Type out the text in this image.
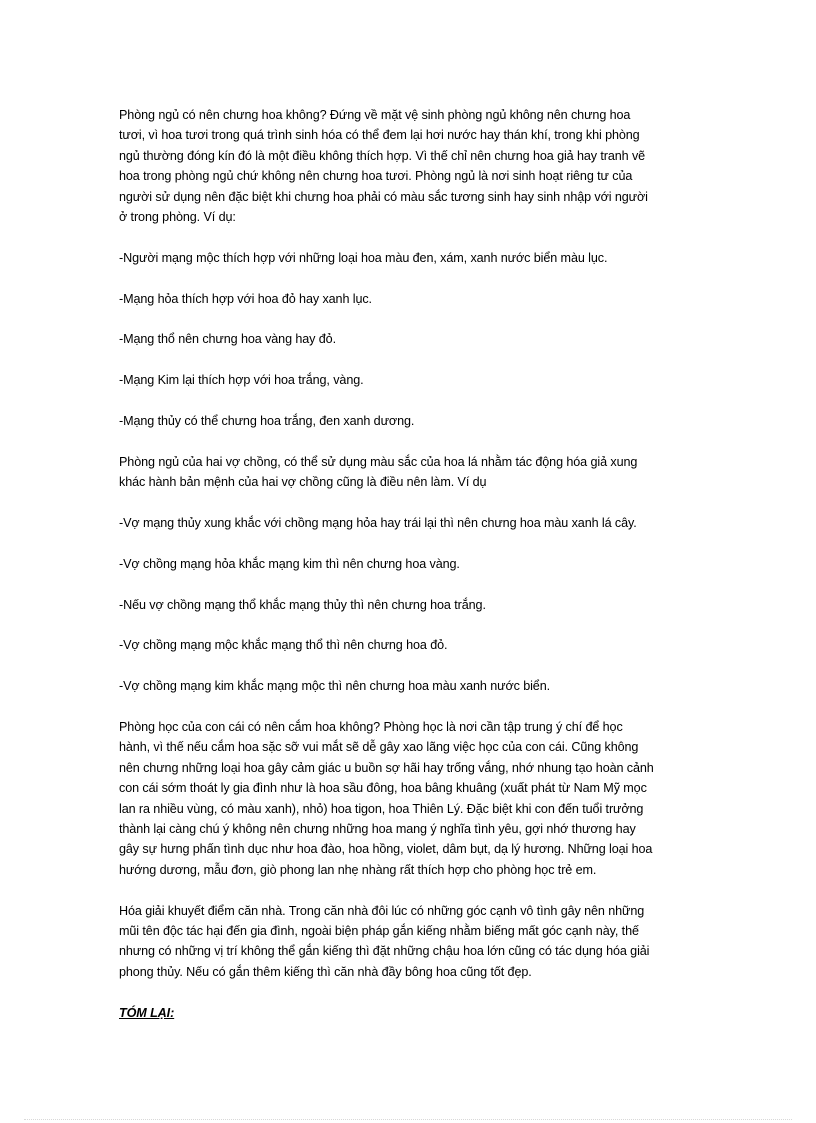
Phòng ngủ có nên chưng hoa không? Đứng về mặt vệ sinh phòng ngủ không nên chưng hoa
tươi, vì hoa tươi trong quá trình sinh hóa có thể đem lại hơi nước hay thán khí, trong khi phòng
ngủ thường đóng kín đó là một điều không thích hợp. Vì thế chỉ nên chưng hoa giả hay tranh vẽ
hoa trong phòng ngủ chứ không nên chưng hoa tươi. Phòng ngủ là nơi sinh hoạt riêng tư của
người sử dụng nên đặc biệt khi chưng hoa phải có màu sắc tương sinh hay sinh nhập với người
ở trong phòng. Ví dụ:

-Người mạng mộc thích hợp với những loại hoa màu đen, xám, xanh nước biển màu lục.

-Mạng hỏa thích hợp với hoa đỏ hay xanh lục.

-Mạng thổ nên chưng hoa vàng hay đỏ.

-Mạng Kim lại thích hợp với hoa trắng, vàng.

-Mạng thủy có thể chưng hoa trắng, đen xanh dương.

Phòng ngủ của hai vợ chồng, có thể sử dụng màu sắc của hoa lá nhằm tác động hóa giả xung
khác hành bản mệnh của hai vợ chồng cũng là điều nên làm. Ví dụ

-Vợ mạng thủy xung khắc với chồng mạng hỏa hay trái lại thì nên chưng hoa màu xanh lá cây.

-Vợ chồng mạng hỏa khắc mạng kim thì nên chưng hoa vàng.

-Nếu vợ chồng mạng thổ khắc mạng thủy thì nên chưng hoa trắng.

-Vợ chồng mạng mộc khắc mạng thổ thì nên chưng hoa đỏ.

-Vợ chồng mạng kim khắc mạng mộc thì nên chưng hoa màu xanh nước biển.

Phòng học của con cái có nên cắm hoa không? Phòng học là nơi cần tập trung ý chí để học
hành, vì thế nếu cắm hoa sặc sỡ vui mắt sẽ dễ gây xao lãng việc học của con cái. Cũng không
nên chưng những loại hoa gây cảm giác u buồn sợ hãi hay trống vắng, nhớ nhung tạo hoàn cảnh
con cái sớm thoát ly gia đình như là hoa sầu đông, hoa bâng khuâng (xuất phát từ Nam Mỹ mọc
lan ra nhiều vùng, có màu xanh), nhỏ) hoa tigon, hoa Thiên Lý. Đặc biệt khi con đến tuổi trưởng
thành lại càng chú ý không nên chưng những hoa mang ý nghĩa tình yêu, gợi nhớ thương hay
gây sự hưng phấn tình dục như hoa đào, hoa hồng, violet, dâm bụt, dạ lý hương. Những loại hoa
hướng dương, mẫu đơn, giò phong lan nhẹ nhàng rất thích hợp cho phòng học trẻ em.

Hóa giải khuyết điểm căn nhà. Trong căn nhà đôi lúc có những góc cạnh vô tình gây nên những
mũi tên độc tác hại đến gia đình, ngoài biện pháp gắn kiếng nhằm biếng mất góc cạnh này, thế
nhưng có những vị trí không thể gắn kiếng thì đặt những chậu hoa lớn cũng có tác dụng hóa giải
phong thủy. Nếu có gắn thêm kiếng thì căn nhà đầy bông hoa cũng tốt đẹp.

TÓM LẠI:
